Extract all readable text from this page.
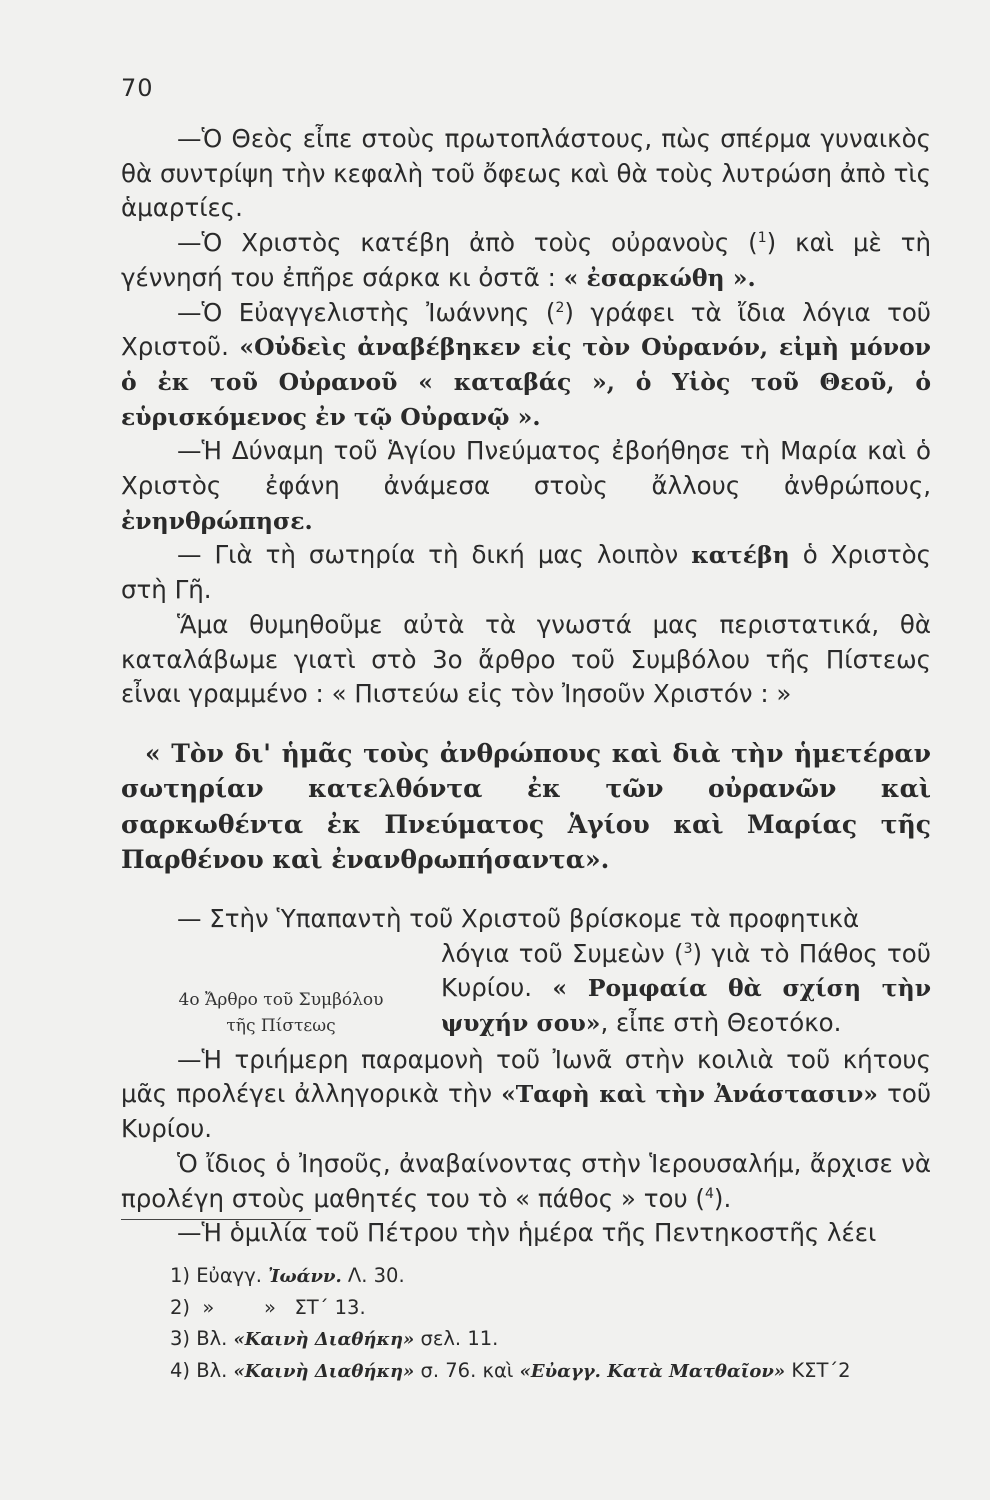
70

—Ὁ Θεὸς εἶπε στοὺς πρωτοπλάστους, πὼς σπέρμα γυναικὸς θὰ συντρίψη τὴν κεφαλὴ τοῦ ὄφεως καὶ θὰ τοὺς λυτρώση ἀπὸ τὶς ἁμαρτίες.

—Ὁ Χριστὸς κατέβη ἀπὸ τοὺς οὐρανοὺς ($^1$) καὶ μὲ τὴ γέννησή του ἐπῆρε σάρκα κι ὀστᾶ : « ἐσαρκώθη ».

—Ὁ Εὐαγγελιστὴς Ἰωάννης ($^2$) γράφει τὰ ἴδια λόγια τοῦ Χριστοῦ. «Οὐδεὶς ἀναβέβηκεν εἰς τὸν Οὐρανόν, εἰμὴ μόνον ὁ ἐκ τοῦ Οὐρανοῦ « καταβάς », ὁ Υἱὸς τοῦ Θεοῦ, ὁ εὑρισκόμενος ἐν τῷ Οὐρανῷ ».

—Ἡ Δύναμη τοῦ Ἁγίου Πνεύματος ἐβοήθησε τὴ Μαρία καὶ ὁ Χριστὸς ἐφάνη ἀνάμεσα στοὺς ἄλλους ἀνθρώπους, ἐνηνθρώπησε.

— Γιὰ τὴ σωτηρία τὴ δική μας λοιπὸν κατέβη ὁ Χριστὸς στὴ Γῆ.

Ἅμα θυμηθοῦμε αὐτὰ τὰ γνωστά μας περιστατικά, θὰ καταλάβωμε γιατὶ στὸ 3ο ἄρθρο τοῦ Συμβόλου τῆς Πίστεως εἶναι γραμμένο : « Πιστεύω εἰς τὸν Ἰησοῦν Χριστόν : »

« Τὸν δι' ἡμᾶς τοὺς ἀνθρώπους καὶ διὰ τὴν ἡμετέραν σωτηρίαν κατελθόντα ἐκ τῶν οὐρανῶν καὶ σαρκωθέντα ἐκ Πνεύματος Ἁγίου καὶ Μαρίας τῆς Παρθένου καὶ ἐνανθρωπήσαντα».

— Στὴν Ὑπαπαντὴ τοῦ Χριστοῦ βρίσκομε τὰ προφητικὰ

4ο Ἄρθρο τοῦ Συμβόλου
τῆς Πίστεως

λόγια τοῦ Συμεὼν ($^3$) γιὰ τὸ Πάθος τοῦ Κυρίου. « Ρομφαία θὰ σχίση τὴν ψυχήν σου», εἶπε στὴ Θεοτόκο.

—Ἡ τριήμερη παραμονὴ τοῦ Ἰωνᾶ στὴν κοιλιὰ τοῦ κήτους μᾶς προλέγει ἀλληγορικὰ τὴν «Ταφὴ καὶ τὴν Ἀνάστασιν» τοῦ Κυρίου.

Ὁ ἴδιος ὁ Ἰησοῦς, ἀναβαίνοντας στὴν Ἱερουσαλήμ, ἄρχισε νὰ προλέγη στοὺς μαθητές του τὸ « πάθος » του ($^4$).

—Ἡ ὁμιλία τοῦ Πέτρου τὴν ἡμέρα τῆς Πεντηκοστῆς λέει

1) Εὐαγγ. Ἰωάνν. Λ. 30.
2) »        »   ΣΤ΄ 13.
3) Βλ. «Καινὴ Διαθήκη» σελ. 11.
4) Βλ. «Καινὴ Διαθήκη» σ. 76. καὶ «Εὐαγγ. Κατὰ Ματθαῖον» ΚΣΤ΄2
